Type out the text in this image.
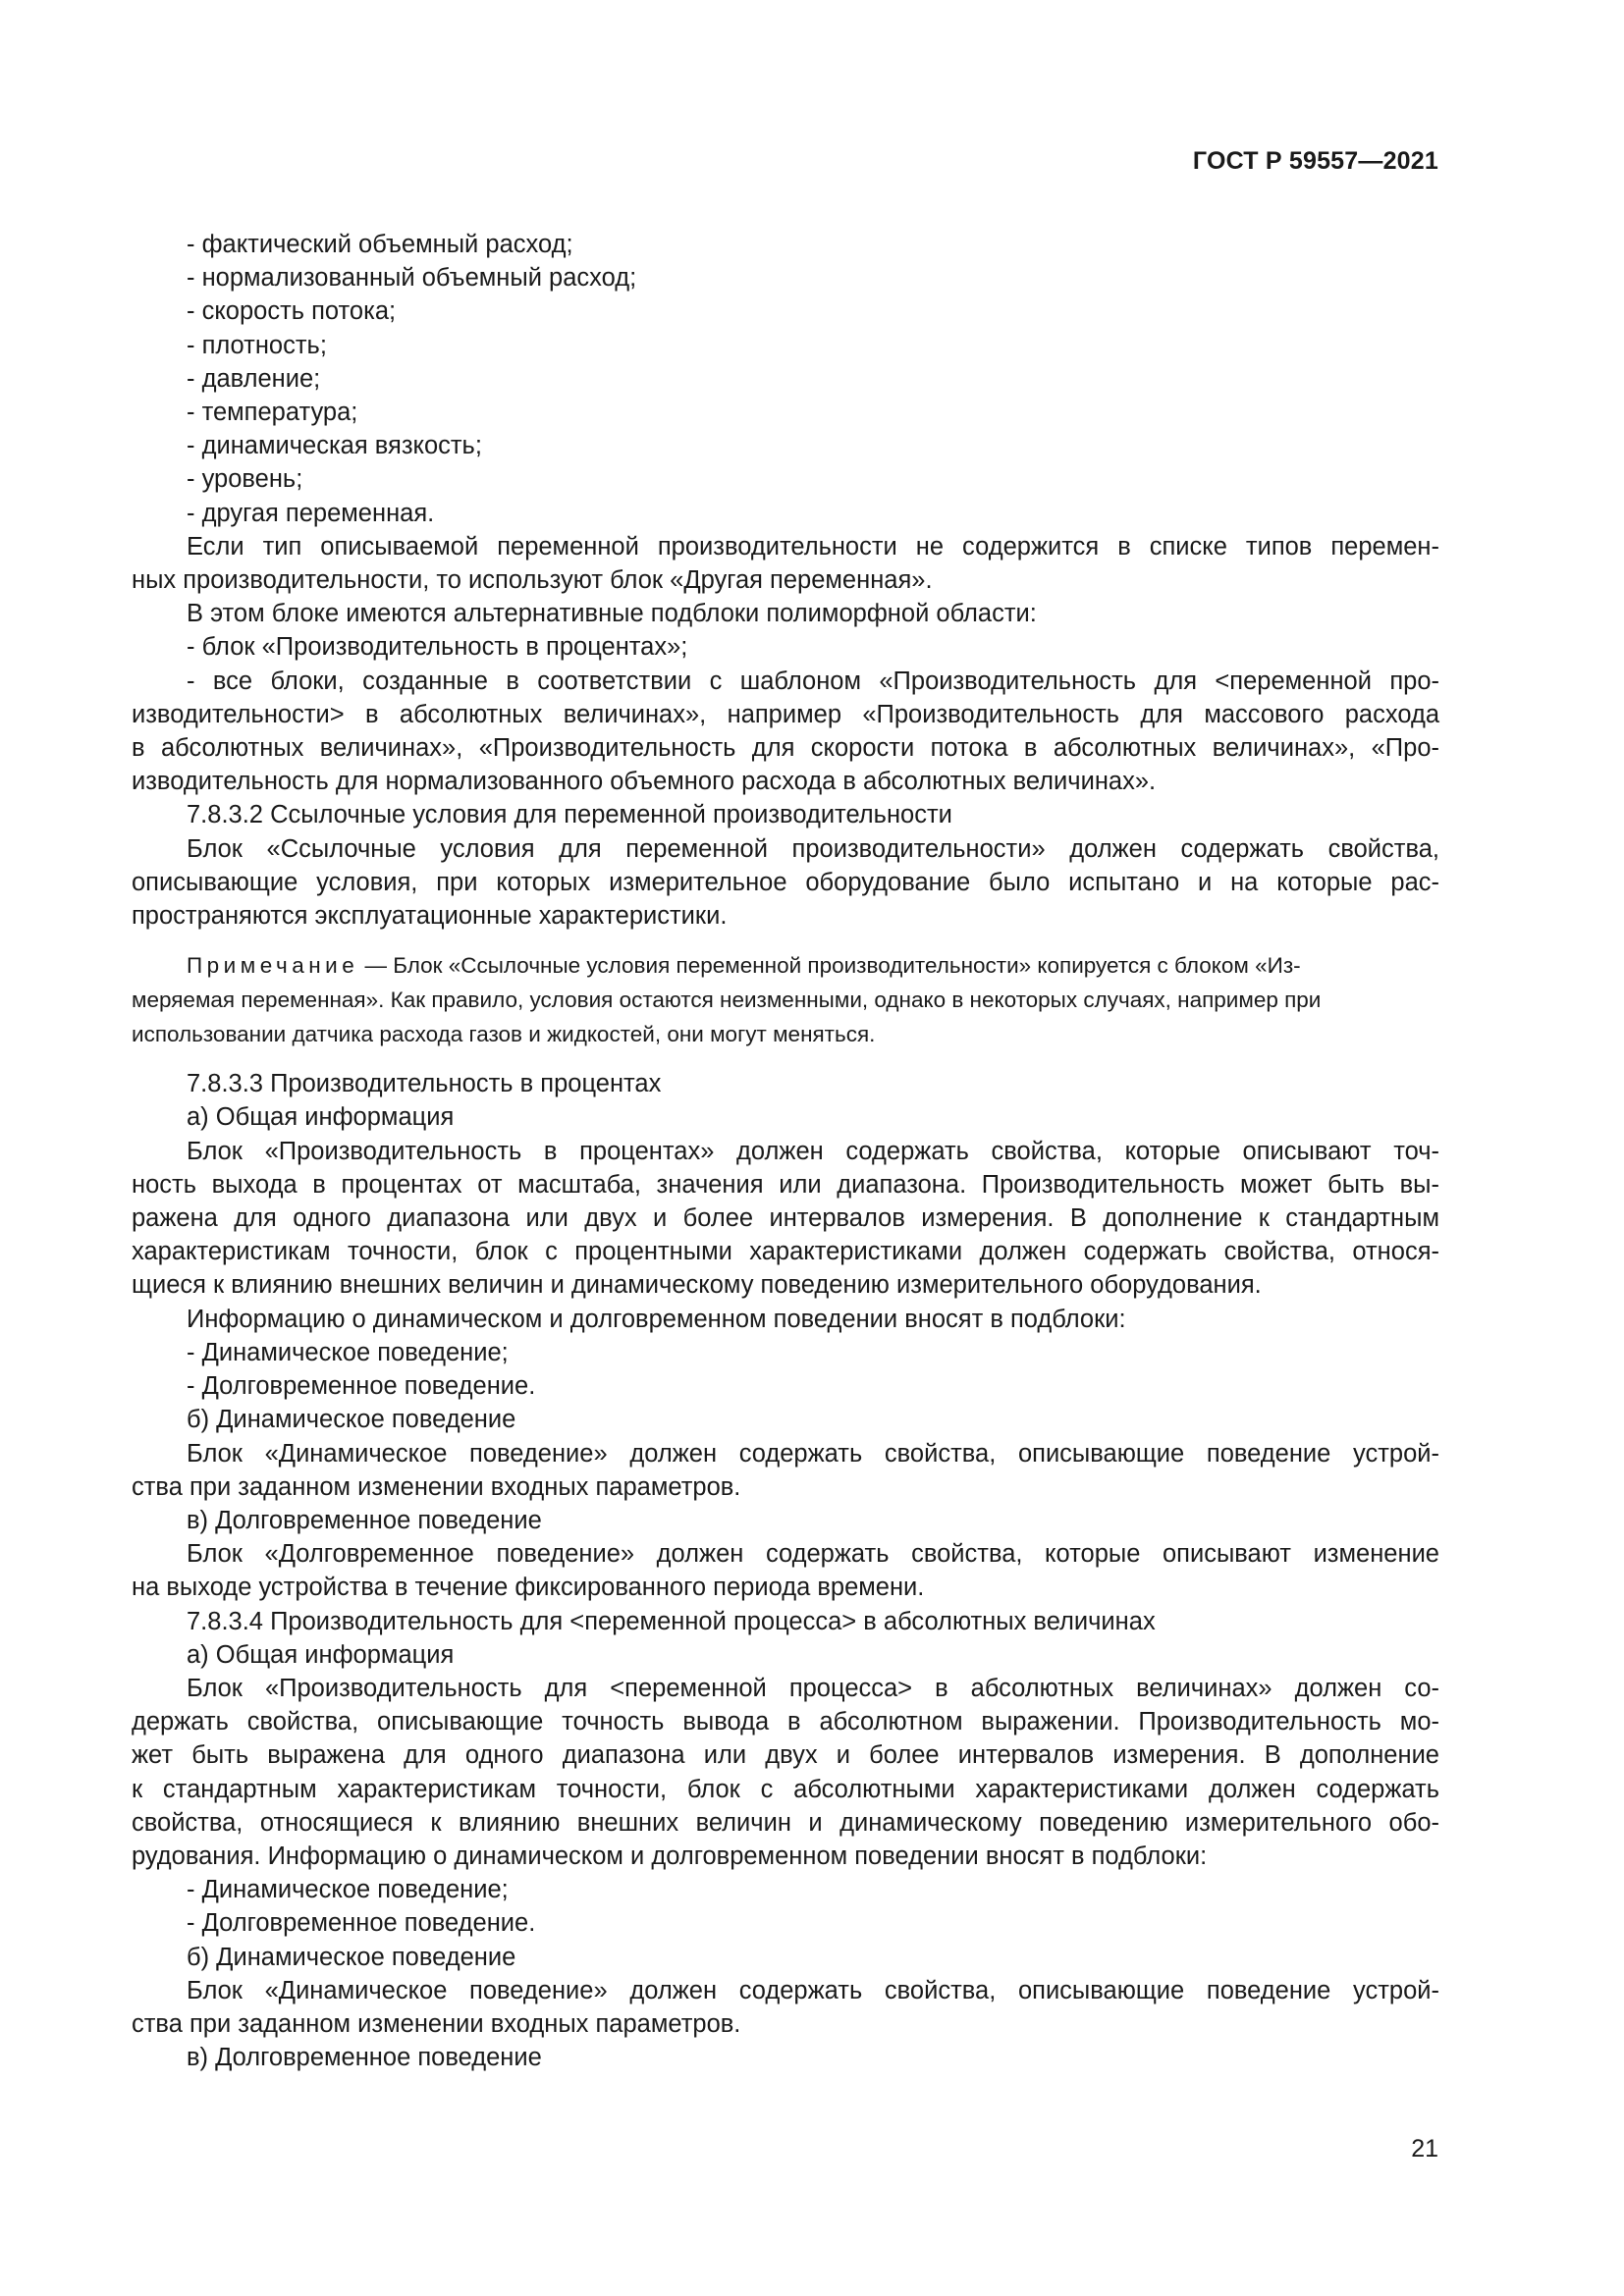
ГОСТ Р 59557—2021
- фактический объемный расход;
- нормализованный объемный расход;
- скорость потока;
- плотность;
- давление;
- температура;
- динамическая вязкость;
- уровень;
- другая переменная.
Если тип описываемой переменной производительности не содержится в списке типов перемен-
ных производительности, то используют блок «Другая переменная».
В этом блоке имеются альтернативные подблоки полиморфной области:
- блок «Производительность в процентах»;
- все блоки, созданные в соответствии с шаблоном «Производительность для <переменной про-
изводительности> в абсолютных величинах», например «Производительность для массового расхода
в абсолютных величинах», «Производительность для скорости потока в абсолютных величинах», «Про-
изводительность для нормализованного объемного расхода в абсолютных величинах».
7.8.3.2 Ссылочные условия для переменной производительности
Блок «Ссылочные условия для переменной производительности» должен содержать свойства,
описывающие условия, при которых измерительное оборудование было испытано и на которые рас-
пространяются эксплуатационные характеристики.
Примечание — Блок «Ссылочные условия переменной производительности» копируется с блоком «Из-
меряемая переменная». Как правило, условия остаются неизменными, однако в некоторых случаях, например при
использовании датчика расхода газов и жидкостей, они могут меняться.
7.8.3.3 Производительность в процентах
а) Общая информация
Блок «Производительность в процентах» должен содержать свойства, которые описывают точ-
ность выхода в процентах от масштаба, значения или диапазона. Производительность может быть вы-
ражена для одного диапазона или двух и более интервалов измерения. В дополнение к стандартным
характеристикам точности, блок с процентными характеристиками должен содержать свойства, относя-
щиеся к влиянию внешних величин и динамическому поведению измерительного оборудования.
Информацию о динамическом и долговременном поведении вносят в подблоки:
- Динамическое поведение;
- Долговременное поведение.
б) Динамическое поведение
Блок «Динамическое поведение» должен содержать свойства, описывающие поведение устрой-
ства при заданном изменении входных параметров.
в) Долговременное поведение
Блок «Долговременное поведение» должен содержать свойства, которые описывают изменение
на выходе устройства в течение фиксированного периода времени.
7.8.3.4 Производительность для <переменной процесса> в абсолютных величинах
а) Общая информация
Блок «Производительность для <переменной процесса> в абсолютных величинах» должен со-
держать свойства, описывающие точность вывода в абсолютном выражении. Производительность мо-
жет быть выражена для одного диапазона или двух и более интервалов измерения. В дополнение
к стандартным характеристикам точности, блок с абсолютными характеристиками должен содержать
свойства, относящиеся к влиянию внешних величин и динамическому поведению измерительного обо-
рудования. Информацию о динамическом и долговременном поведении вносят в подблоки:
- Динамическое поведение;
- Долговременное поведение.
б) Динамическое поведение
Блок «Динамическое поведение» должен содержать свойства, описывающие поведение устрой-
ства при заданном изменении входных параметров.
в) Долговременное поведение
21
